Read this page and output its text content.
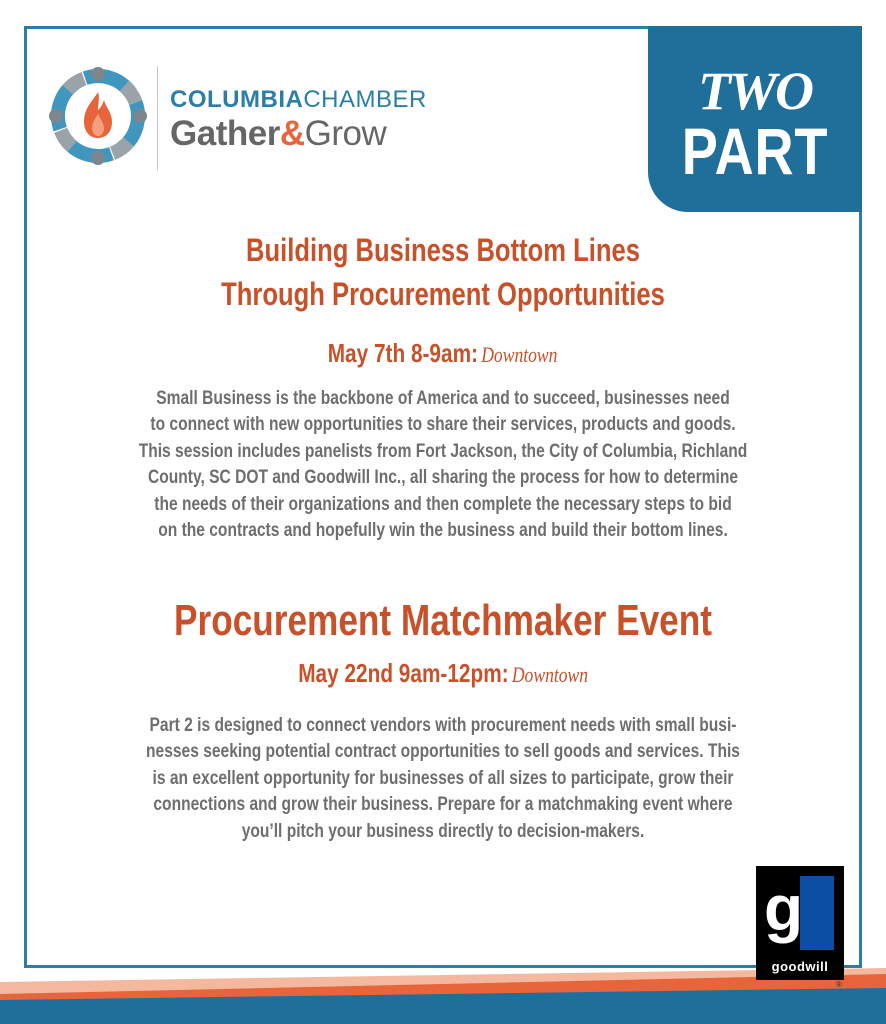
COLUMBIACHAMBER
Gather&Grow
TWO
PART
Building Business Bottom Lines
Through Procurement Opportunities
May 7th 8-9am: Downtown
Small Business is the backbone of America and to succeed, businesses need
to connect with new opportunities to share their services, products and goods.
This session includes panelists from Fort Jackson, the City of Columbia, Richland
County, SC DOT and Goodwill Inc., all sharing the process for how to determine
the needs of their organizations and then complete the necessary steps to bid
on the contracts and hopefully win the business and build their bottom lines.
Procurement Matchmaker Event
May 22nd 9am-12pm: Downtown
Part 2 is designed to connect vendors with procurement needs with small busi-
nesses seeking potential contract opportunities to sell goods and services. This
is an excellent opportunity for businesses of all sizes to participate, grow their
connections and grow their business. Prepare for a matchmaking event where
you’ll pitch your business directly to decision-makers.
g
goodwill
®
